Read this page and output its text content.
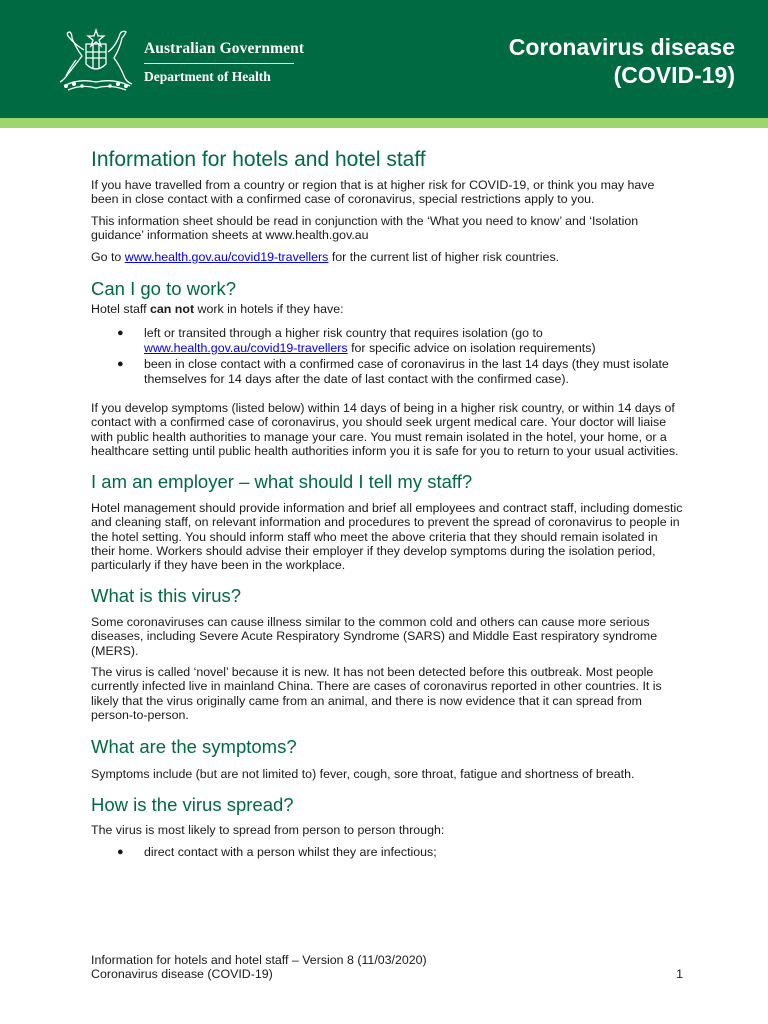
Australian Government
Department of Health
Coronavirus disease
(COVID-19)
Information for hotels and hotel staff

If you have travelled from a country or region that is at higher risk for COVID-19, or think you may have been in close contact with a confirmed case of coronavirus, special restrictions apply to you.

This information sheet should be read in conjunction with the ‘What you need to know’ and ‘Isolation guidance’ information sheets at www.health.gov.au

Go to www.health.gov.au/covid19-travellers for the current list of higher risk countries.

Can I go to work?

Hotel staff can not work in hotels if they have:

● left or transited through a higher risk country that requires isolation (go to
www.health.gov.au/covid19-travellers for specific advice on isolation requirements)
● been in close contact with a confirmed case of coronavirus in the last 14 days (they must isolate themselves for 14 days after the date of last contact with the confirmed case).

If you develop symptoms (listed below) within 14 days of being in a higher risk country, or within 14 days of contact with a confirmed case of coronavirus, you should seek urgent medical care. Your doctor will liaise with public health authorities to manage your care. You must remain isolated in the hotel, your home, or a healthcare setting until public health authorities inform you it is safe for you to return to your usual activities.

I am an employer – what should I tell my staff?

Hotel management should provide information and brief all employees and contract staff, including domestic and cleaning staff, on relevant information and procedures to prevent the spread of coronavirus to people in the hotel setting. You should inform staff who meet the above criteria that they should remain isolated in their home. Workers should advise their employer if they develop symptoms during the isolation period, particularly if they have been in the workplace.

What is this virus?

Some coronaviruses can cause illness similar to the common cold and others can cause more serious diseases, including Severe Acute Respiratory Syndrome (SARS) and Middle East respiratory syndrome (MERS).

The virus is called ‘novel’ because it is new. It has not been detected before this outbreak. Most people currently infected live in mainland China. There are cases of coronavirus reported in other countries. It is likely that the virus originally came from an animal, and there is now evidence that it can spread from person-to-person.

What are the symptoms?

Symptoms include (but are not limited to) fever, cough, sore throat, fatigue and shortness of breath.

How is the virus spread?

The virus is most likely to spread from person to person through:

● direct contact with a person whilst they are infectious;
Information for hotels and hotel staff – Version 8 (11/03/2020)
Coronavirus disease (COVID-19)	1
